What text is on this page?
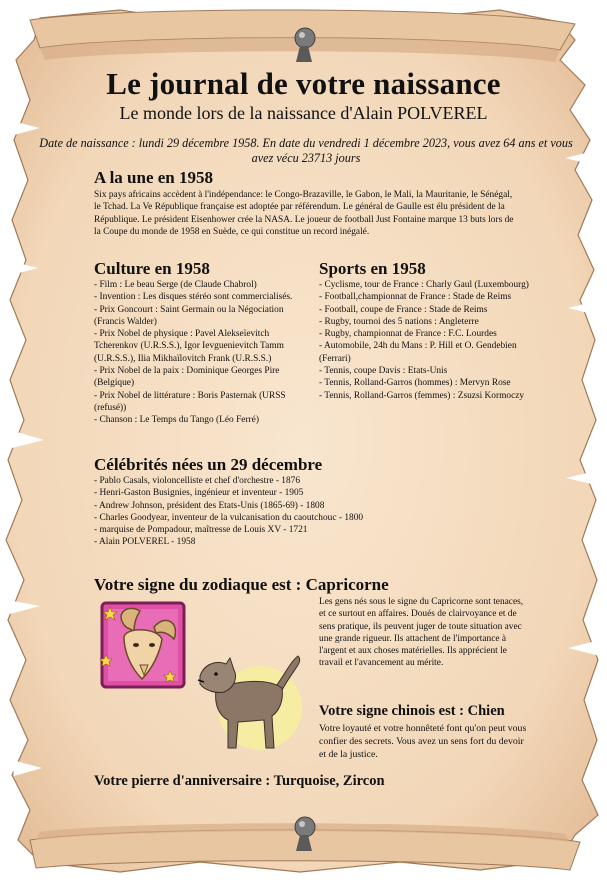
Le journal de votre naissance
Le monde lors de la naissance d'Alain POLVEREL
Date de naissance : lundi 29 décembre 1958. En date du vendredi 1 décembre 2023, vous avez 64 ans et vous avez vécu 23713 jours
A la une en 1958
Six pays africains accèdent à l'indépendance: le Congo-Brazaville, le Gabon, le Mali, la Mauritanie, le Sénégal, le Tchad. La Ve République française est adoptée par référendum. Le général de Gaulle est élu président de la République. Le président Eisenhower crée la NASA. Le joueur de football Just Fontaine marque 13 buts lors de la Coupe du monde de 1958 en Suède, ce qui constitue un record inégalé.
Culture en 1958
- Film : Le beau Serge (de Claude Chabrol)
- Invention : Les disques stéréo sont commercialisés.
- Prix Goncourt : Saint Germain ou la Négociation (Francis Walder)
- Prix Nobel de physique : Pavel Alekseïevitch Tcherenkov (U.R.S.S.), Igor Ievguenievitch Tamm (U.R.S.S.), Ilia Mikhaïlovitch Frank (U.R.S.S.)
- Prix Nobel de la paix : Dominique Georges Pire (Belgique)
- Prix Nobel de littérature : Boris Pasternak (URSS (refusé))
- Chanson : Le Temps du Tango (Léo Ferré)
Sports en 1958
- Cyclisme, tour de France : Charly Gaul (Luxembourg)
- Football,championnat de France : Stade de Reims
- Football, coupe de France : Stade de Reims
- Rugby, tournoi des 5 nations : Angleterre
- Rugby, championnat de France : F.C. Lourdes
- Automobile, 24h du Mans : P. Hill et O. Gendebien (Ferrari)
- Tennis, coupe Davis : Etats-Unis
- Tennis, Rolland-Garros (hommes) : Mervyn Rose
- Tennis, Rolland-Garros (femmes) : Zsuzsi Kormoczy
Célébrités nées un 29 décembre
- Pablo Casals, violoncelliste et chef d'orchestre - 1876
- Henri-Gaston Busignies, ingénieur et inventeur - 1905
- Andrew Johnson, président des Etats-Unis (1865-69) - 1808
- Charles Goodyear, inventeur de la vulcanisation du caoutchouc - 1800
- marquise de Pompadour, maîtresse de Louis XV - 1721
- Alain POLVEREL - 1958
Votre signe du zodiaque est : Capricorne
Les gens nés sous le signe du Capricorne sont tenaces, et ce surtout en affaires. Doués de clairvoyance et de sens pratique, ils peuvent juger de toute situation avec une grande rigueur. Ils attachent de l'importance à l'argent et aux choses matérielles. Ils apprécient le travail et l'avancement au mérite.
Votre signe chinois est : Chien
Votre loyauté et votre honnêteté font qu'on peut vous confier des secrets. Vous avez un sens fort du devoir et de la justice.
Votre pierre d'anniversaire : Turquoise, Zircon
